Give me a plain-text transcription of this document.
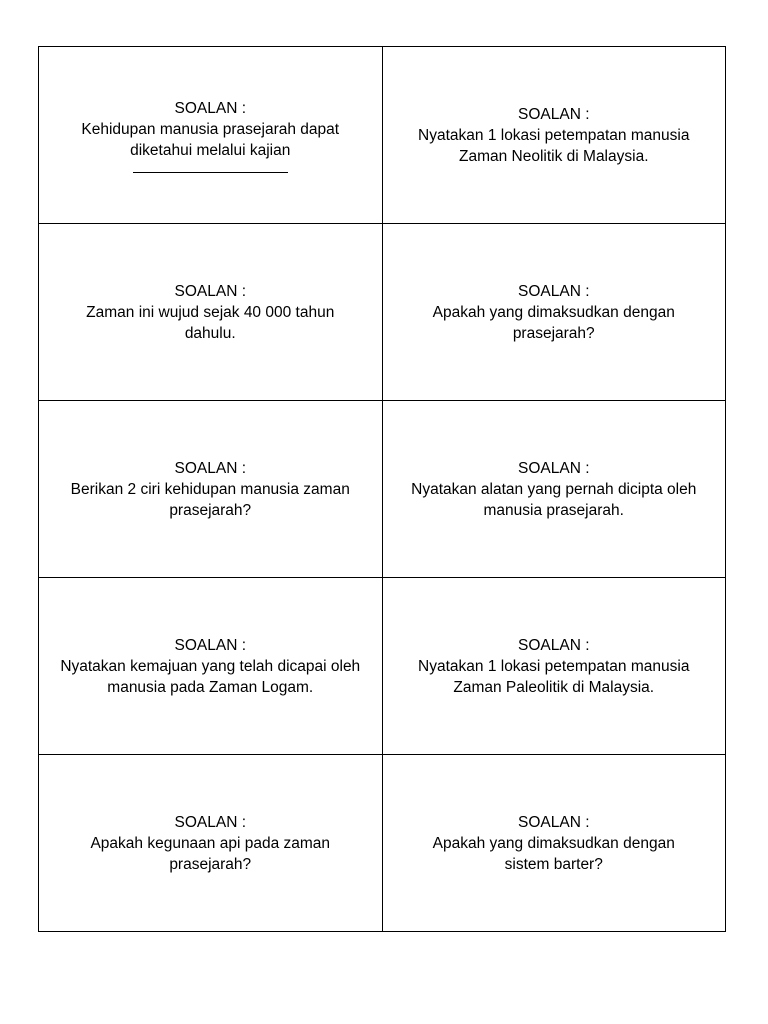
SOALAN :
Kehidupan manusia prasejarah dapat diketahui melalui kajian	SOALAN :
Nyatakan 1 lokasi petempatan manusia Zaman Neolitik di Malaysia.

SOALAN :
Zaman ini wujud sejak 40 000 tahun dahulu.	SOALAN :
Apakah yang dimaksudkan dengan prasejarah?

SOALAN :
Berikan 2 ciri kehidupan manusia zaman prasejarah?	SOALAN :
Nyatakan alatan yang pernah dicipta oleh manusia prasejarah.

SOALAN :
Nyatakan kemajuan yang telah dicapai oleh manusia pada Zaman Logam.	SOALAN :
Nyatakan 1 lokasi petempatan manusia Zaman Paleolitik di Malaysia.

SOALAN :
Apakah kegunaan api pada zaman prasejarah?	SOALAN :
Apakah yang dimaksudkan dengan sistem barter?
